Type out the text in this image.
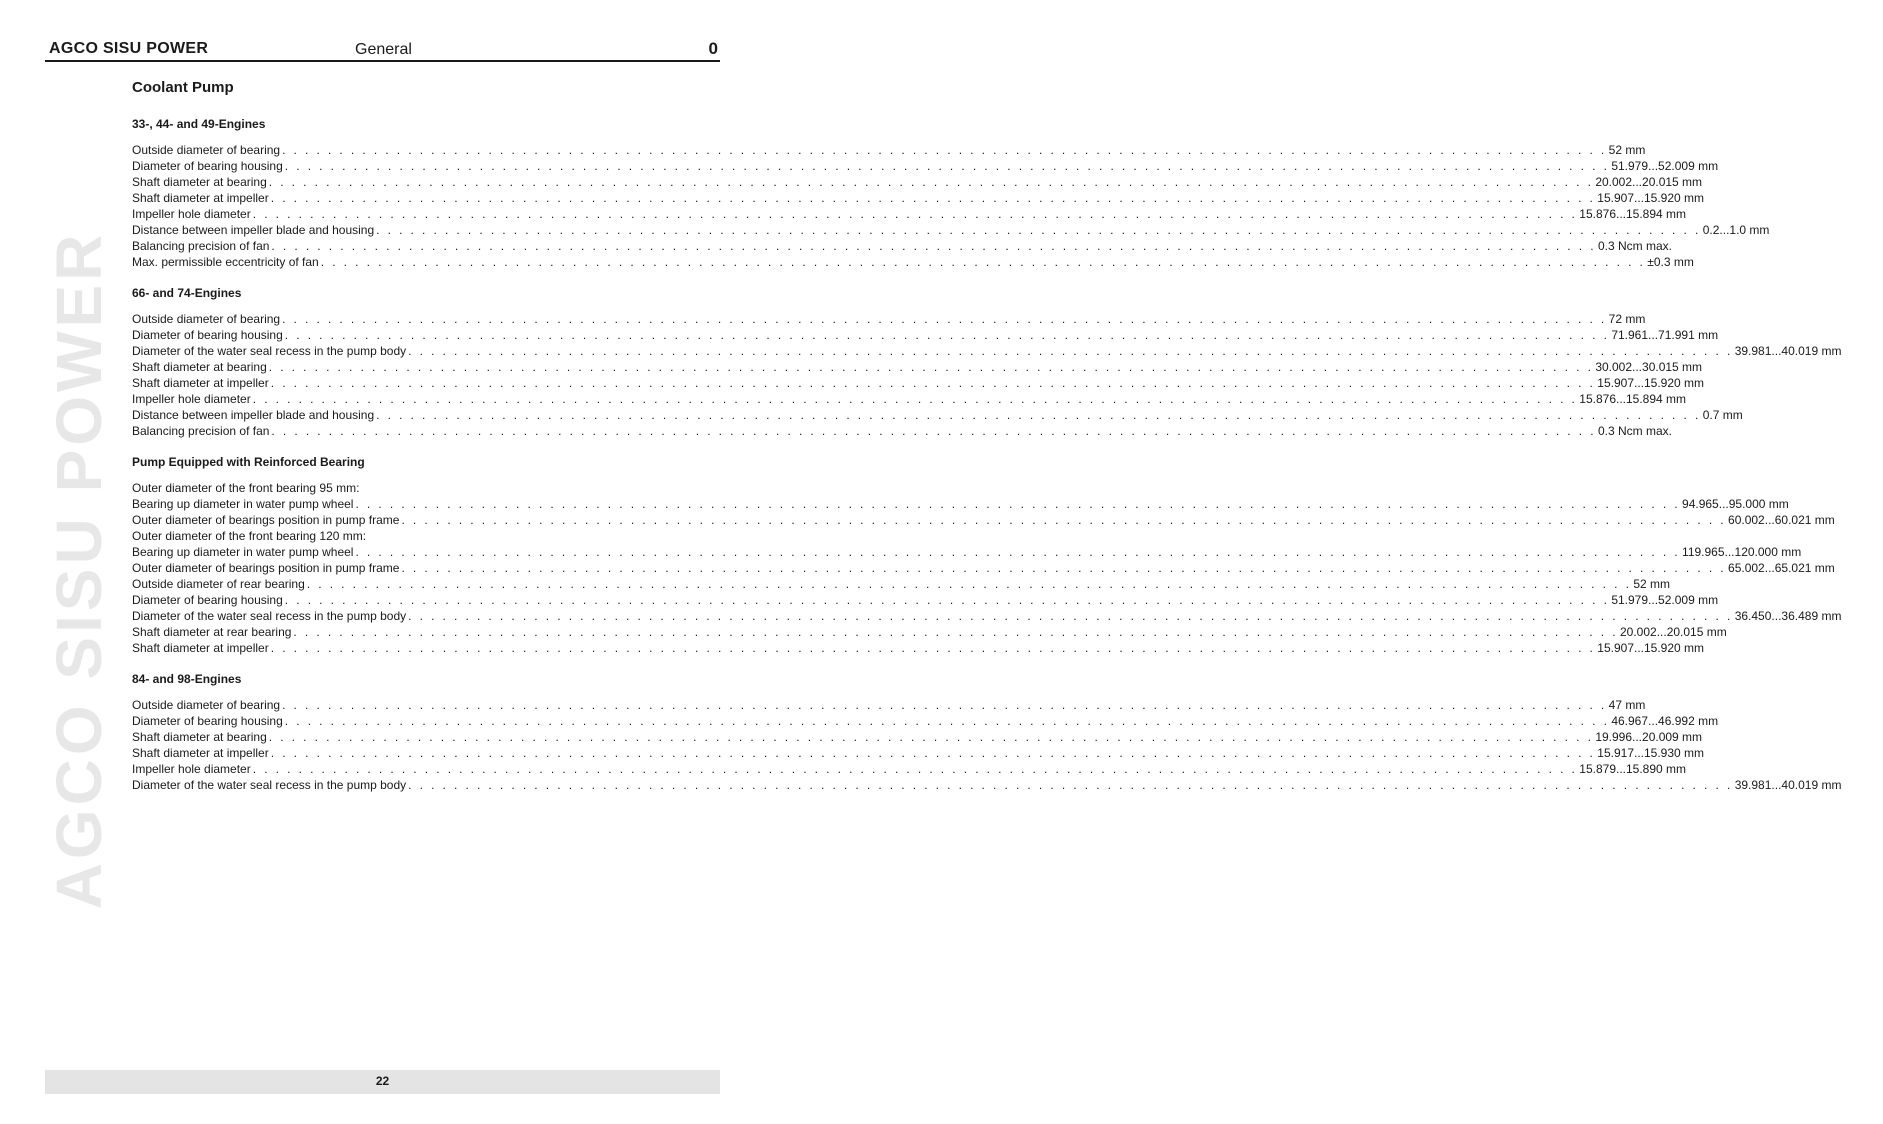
AGCO SISU POWER	General	0
AGCO SISU POWER
Coolant Pump
33-, 44- and 49-Engines
Outside diameter of bearing . . .	52 mm
Diameter of bearing housing . . .	51.979...52.009 mm
Shaft diameter at bearing . . .	20.002...20.015 mm
Shaft diameter at impeller . . .	15.907...15.920 mm
Impeller hole diameter . . .	15.876...15.894 mm
Distance between impeller blade and housing . . .	0.2...1.0 mm
Balancing precision of fan . . .	0.3 Ncm max.
Max. permissible eccentricity of fan . . .	±0.3 mm
66- and 74-Engines
Outside diameter of bearing . . .	72 mm
Diameter of bearing housing . . .	71.961...71.991 mm
Diameter of the water seal recess in the pump body . . .	39.981...40.019 mm
Shaft diameter at bearing . . .	30.002...30.015 mm
Shaft diameter at impeller . . .	15.907...15.920 mm
Impeller hole diameter . . .	15.876...15.894 mm
Distance between impeller blade and housing . . .	0.7 mm
Balancing precision of fan . . .	0.3 Ncm max.
Pump Equipped with Reinforced Bearing
Outer diameter of the front bearing 95 mm:
Bearing up diameter in water pump wheel . . .	94.965...95.000 mm
Outer diameter of bearings position in pump frame . . .	60.002...60.021 mm
Outer diameter of the front bearing 120 mm:
Bearing up diameter in water pump wheel . . .	119.965...120.000 mm
Outer diameter of bearings position in pump frame . . .	65.002...65.021 mm
Outside diameter of rear bearing . . .	52 mm
Diameter of bearing housing . . .	51.979...52.009 mm
Diameter of the water seal recess in the pump body . . .	36.450...36.489 mm
Shaft diameter at rear bearing . . .	20.002...20.015 mm
Shaft diameter at impeller . . .	15.907...15.920 mm
84- and 98-Engines
Outside diameter of bearing . . .	47 mm
Diameter of bearing housing . . .	46.967...46.992 mm
Shaft diameter at bearing . . .	19.996...20.009 mm
Shaft diameter at impeller . . .	15.917...15.930 mm
Impeller hole diameter . . .	15.879...15.890 mm
Diameter of the water seal recess in the pump body . . .	39.981...40.019 mm
22
